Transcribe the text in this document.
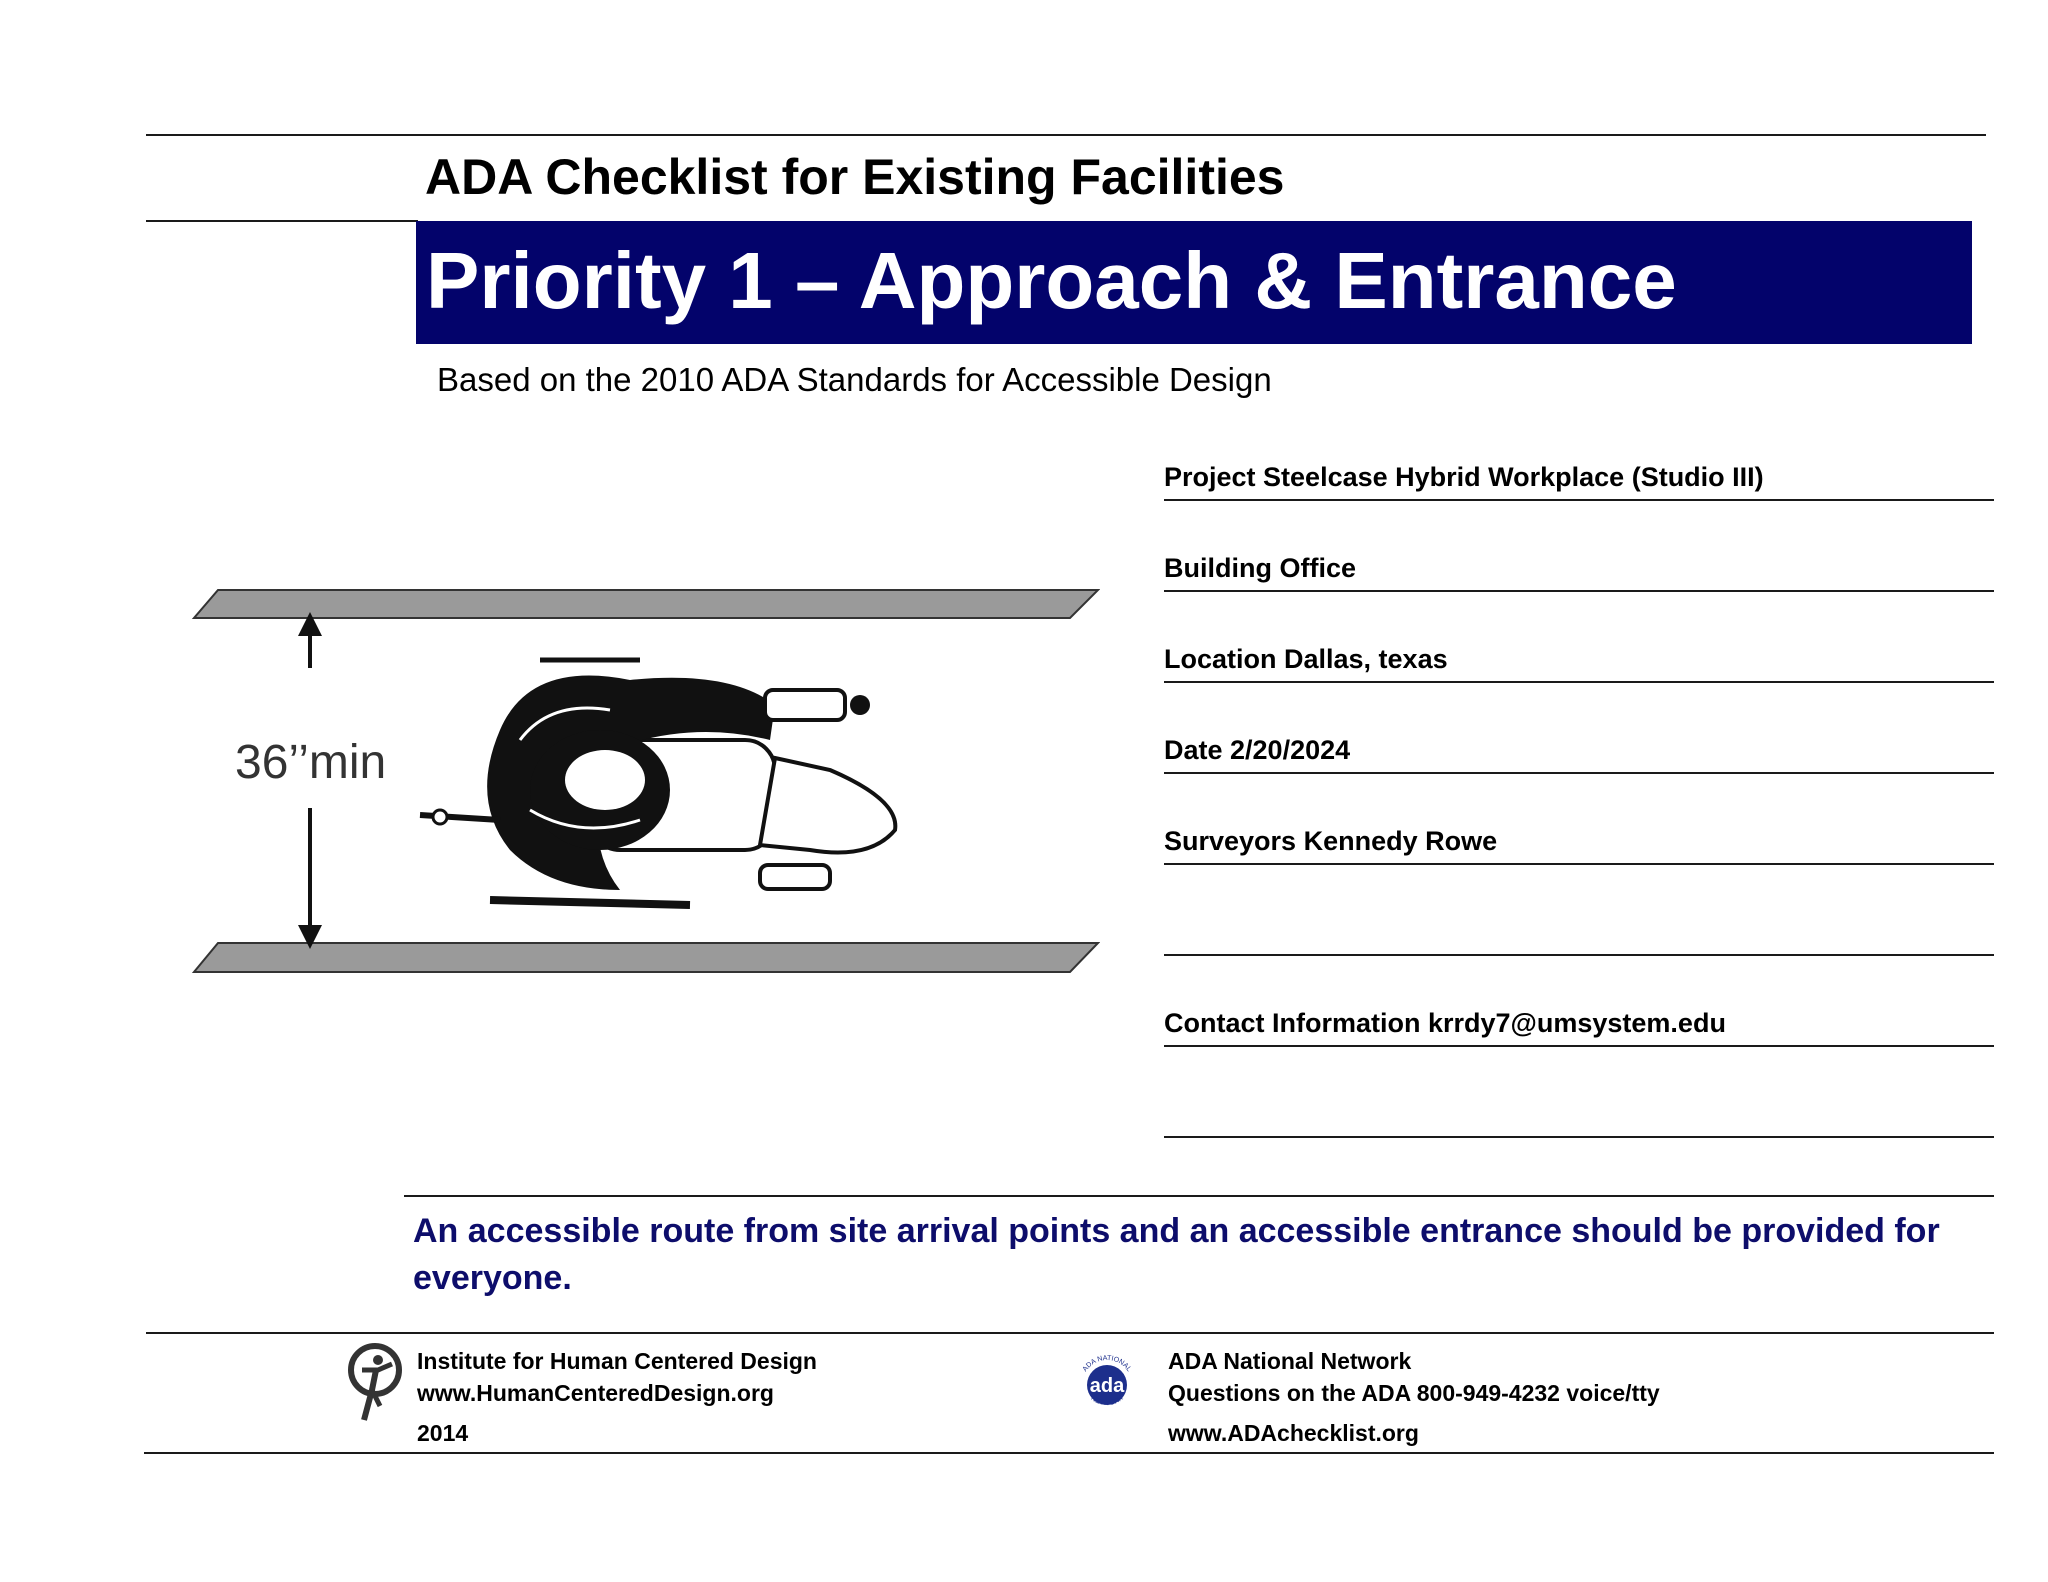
ADA Checklist for Existing Facilities
Priority 1 – Approach & Entrance
Based on the 2010 ADA Standards for Accessible Design
36’’min
Project Steelcase Hybrid Workplace (Studio III)
Building Office
Location Dallas, texas
Date 2/20/2024
Surveyors Kennedy Rowe
Contact Information krrdy7@umsystem.edu
An accessible route from site arrival points and an accessible entrance should be provided for everyone.
Institute for Human Centered Design
www.HumanCenteredDesign.org
2014
ada
ADA NATIONAL
NETWORK
ADA National Network
Questions on the ADA 800-949-4232 voice/tty
www.ADAchecklist.org
